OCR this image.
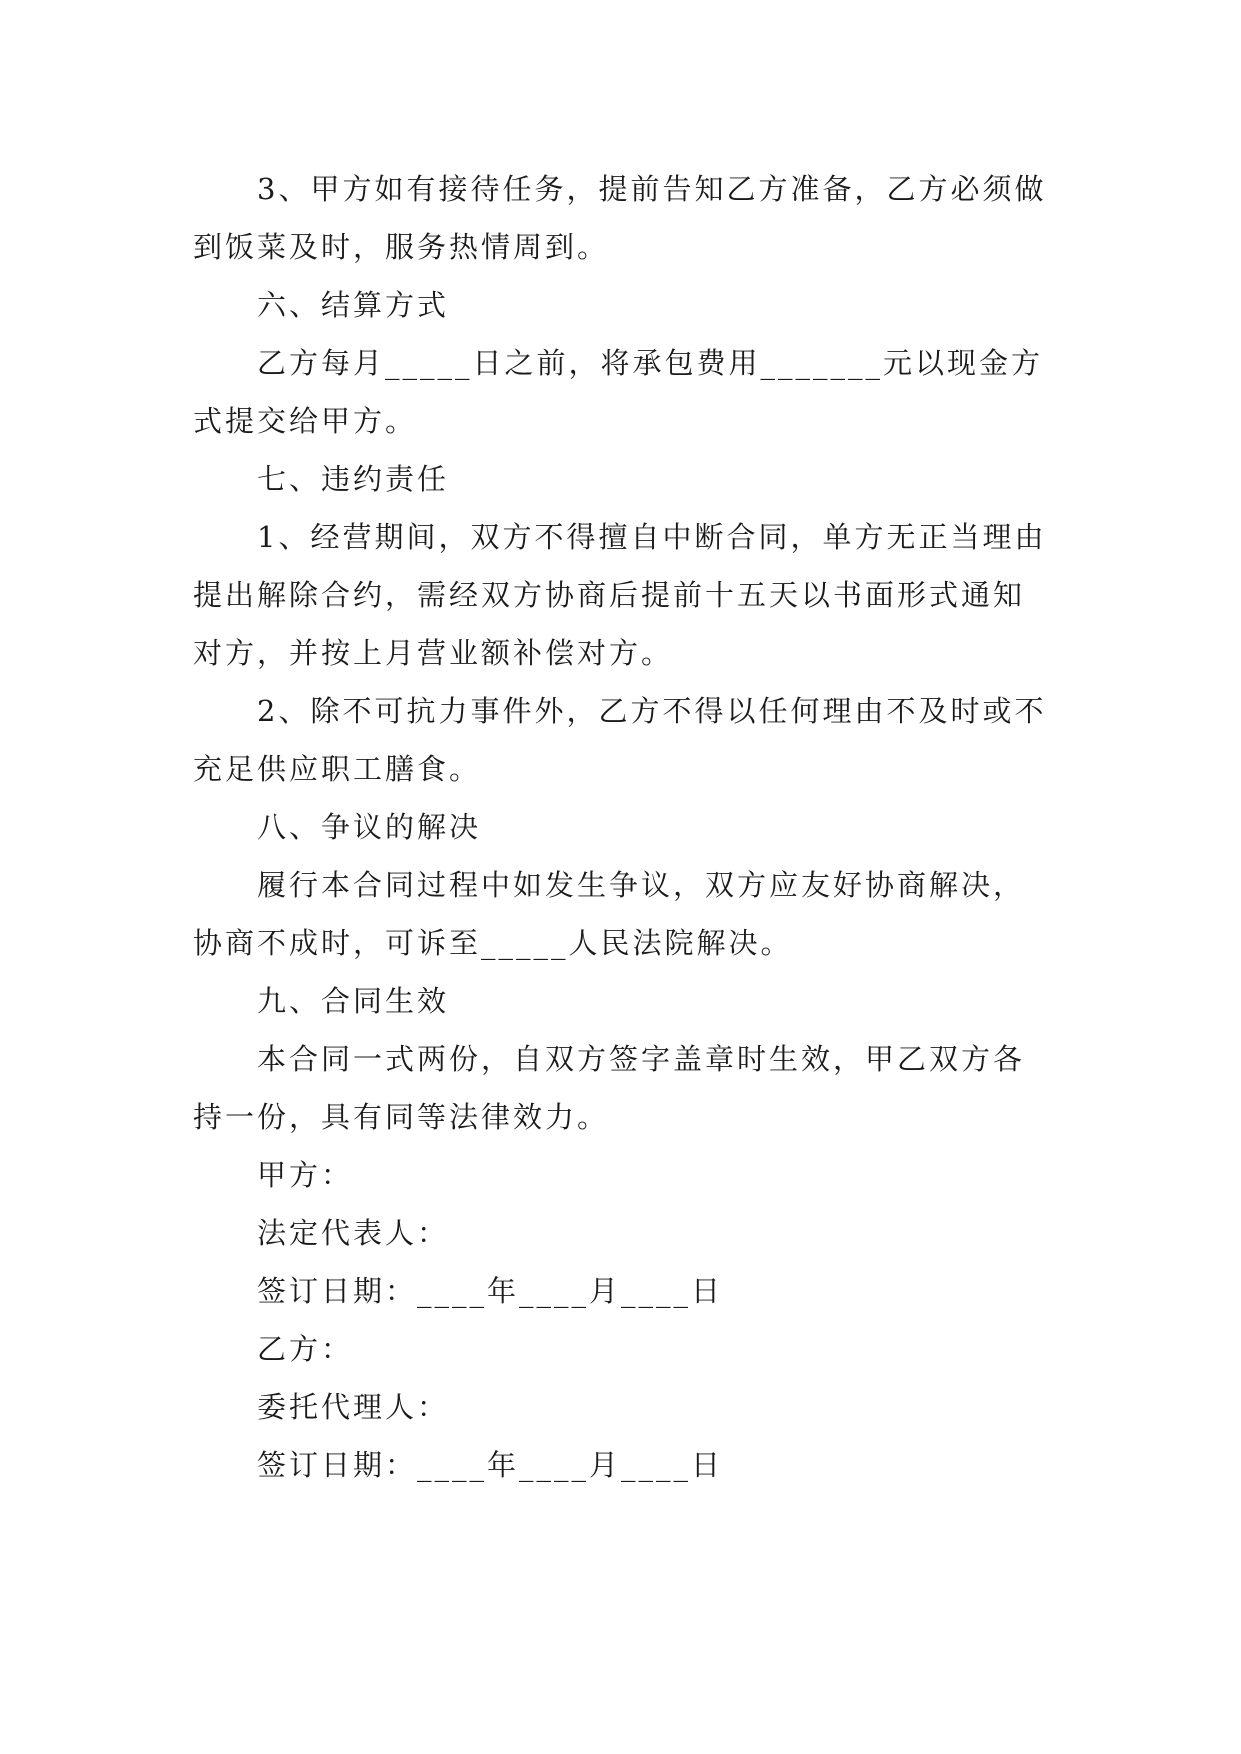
3、甲方如有接待任务，提前告知乙方准备，乙方必须做到饭菜及时，服务热情周到。

六、结算方式

乙方每月_____日之前，将承包费用_______元以现金方式提交给甲方。

七、违约责任

1、经营期间，双方不得擅自中断合同，单方无正当理由提出解除合约，需经双方协商后提前十五天以书面形式通知对方，并按上月营业额补偿对方。

2、除不可抗力事件外，乙方不得以任何理由不及时或不充足供应职工膳食。

八、争议的解决

履行本合同过程中如发生争议，双方应友好协商解决，协商不成时，可诉至_____人民法院解决。

九、合同生效

本合同一式两份，自双方签字盖章时生效，甲乙双方各持一份，具有同等法律效力。

甲方：

法定代表人：

签订日期：____年____月____日

乙方：

委托代理人：

签订日期：____年____月____日
